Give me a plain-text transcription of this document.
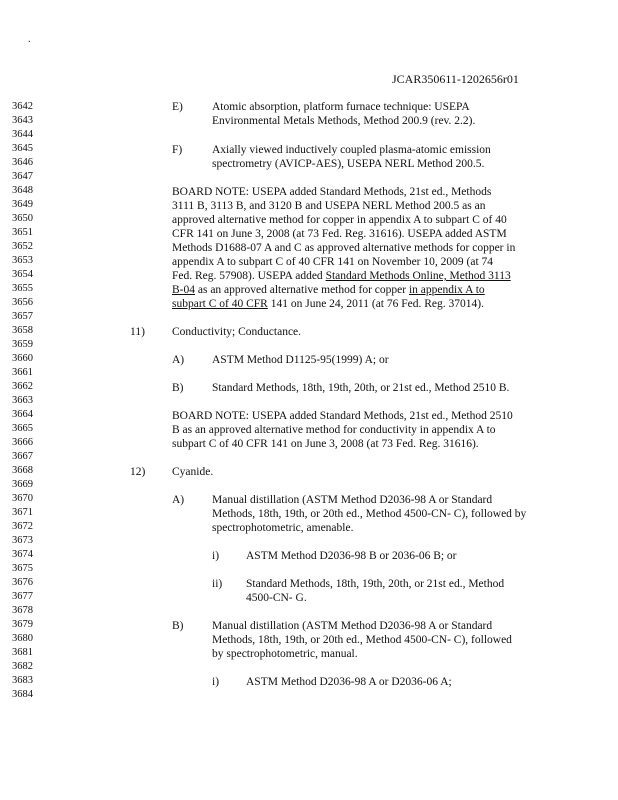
.
JCAR350611-1202656r01
3642
3643
3644
3645
3646
3647
3648
3649
3650
3651
3652
3653
3654
3655
3656
3657
3658
3659
3660
3661
3662
3663
3664
3665
3666
3667
3668
3669
3670
3671
3672
3673
3674
3675
3676
3677
3678
3679
3680
3681
3682
3683
3684
E)	Atomic absorption, platform furnace technique: USEPA
Environmental Metals Methods, Method 200.9 (rev. 2.2).
F)	Axially viewed inductively coupled plasma-atomic emission
spectrometry (AVICP-AES), USEPA NERL Method 200.5.
BOARD NOTE: USEPA added Standard Methods, 21st ed., Methods
3111 B, 3113 B, and 3120 B and USEPA NERL Method 200.5 as an
approved alternative method for copper in appendix A to subpart C of 40
CFR 141 on June 3, 2008 (at 73 Fed. Reg. 31616). USEPA added ASTM
Methods D1688-07 A and C as approved alternative methods for copper in
appendix A to subpart C of 40 CFR 141 on November 10, 2009 (at 74
Fed. Reg. 57908). USEPA added Standard Methods Online, Method 3113
B-04 as an approved alternative method for copper in appendix A to
subpart C of 40 CFR 141 on June 24, 2011 (at 76 Fed. Reg. 37014).
11) Conductivity; Conductance.
A) ASTM Method D1125-95(1999) A; or
B) Standard Methods, 18th, 19th, 20th, or 21st ed., Method 2510 B.
BOARD NOTE: USEPA added Standard Methods, 21st ed., Method 2510
B as an approved alternative method for conductivity in appendix A to
subpart C of 40 CFR 141 on June 3, 2008 (at 73 Fed. Reg. 31616).
12) Cyanide.
A) Manual distillation (ASTM Method D2036-98 A or Standard
Methods, 18th, 19th, or 20th ed., Method 4500-CN- C), followed by
spectrophotometric, amenable.
i) ASTM Method D2036-98 B or 2036-06 B; or
ii) Standard Methods, 18th, 19th, 20th, or 21st ed., Method
4500-CN- G.
B) Manual distillation (ASTM Method D2036-98 A or Standard
Methods, 18th, 19th, or 20th ed., Method 4500-CN- C), followed
by spectrophotometric, manual.
i) ASTM Method D2036-98 A or D2036-06 A;
